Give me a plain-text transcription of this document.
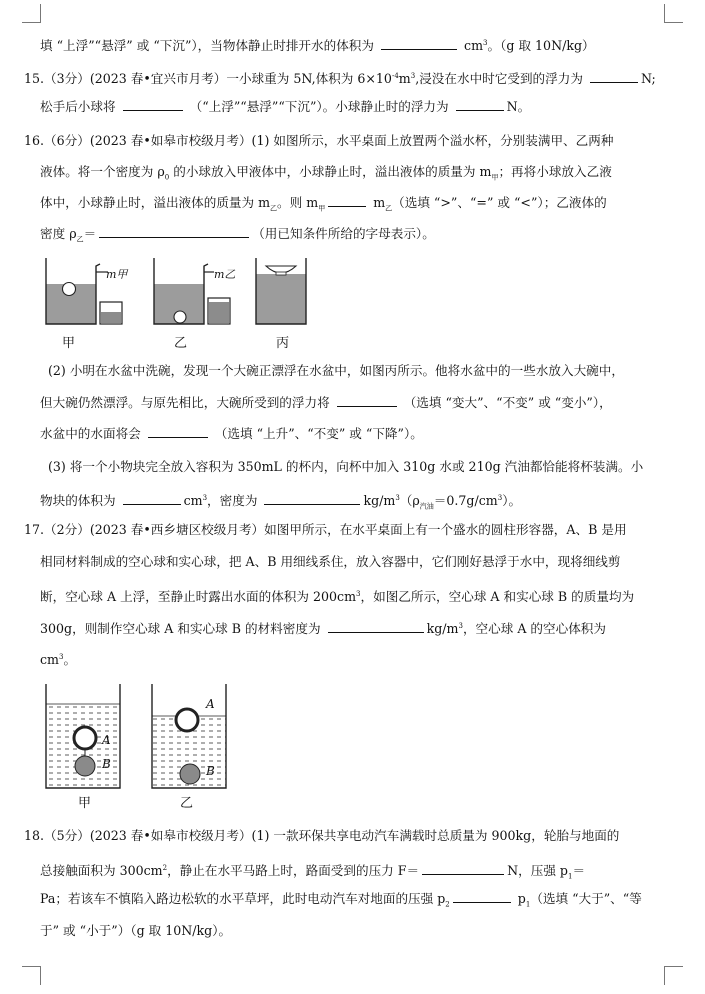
填 “上浮”“悬浮” 或 “下沉”），当物体静止时排开水的体积为	$cm^3$。（g 取 10N/kg）
15.（3分）(2023 春•宜兴市月考）一小球重为 5N,体积为 $6\times 10^{-4}m^3$,浸没在水中时它受到的浮力为	N;
松手后小球将	（“上浮”“悬浮”“下沉”）。小球静止时的浮力为	N。
16.（6分）(2023 春•如皋市校级月考）(1) 如图所示，水平桌面上放置两个溢水杯，分别装满甲、乙两种
液体。将一个密度为 $\rho_0$ 的小球放入甲液体中，小球静止时，溢出液体的质量为 $m_甲$；再将小球放入乙液
体中，小球静止时，溢出液体的质量为 $m_乙$。则 $m_甲$	$m_乙$（选填 “>”、“=” 或 “<”）；乙液体的
密度 $\rho_乙=$	（用已知条件所给的字母表示）。
m甲	m乙
甲	乙	丙
(2) 小明在水盆中洗碗，发现一个大碗正漂浮在水盆中，如图丙所示。他将水盆中的一些水放入大碗中，
但大碗仍然漂浮。与原先相比，大碗所受到的浮力将	（选填 “变大”、“不变” 或 “变小”），
水盆中的水面将会	（选填 “上升”、“不变” 或 “下降”）。
(3) 将一个小物块完全放入容积为 350mL 的杯内，向杯中加入 310g 水或 210g 汽油都恰能将杯装满。小
物块的体积为	$cm^3$，密度为	$kg/m^3(\rho_{汽油}=0.7g/cm^3)$。
17.（2分）(2023 春•西乡塘区校级月考）如图甲所示，在水平桌面上有一个盛水的圆柱形容器，A、B 是用
相同材料制成的空心球和实心球，把 A、B 用细线系住，放入容器中，它们刚好悬浮于水中，现将细线剪
断，空心球 A 上浮，至静止时露出水面的体积为 $200cm^3$，如图乙所示，空心球 A 和实心球 B 的质量均为
300g，则制作空心球 A 和实心球 B 的材料密度为	$kg/m^3$，空心球 A 的空心体积为
$cm^3$。
A
B
A
B
甲	乙
18.（5分）(2023 春•如皋市校级月考）(1) 一款环保共享电动汽车满载时总质量为 900kg，轮胎与地面的
总接触面积为 $300cm^2$，静止在水平马路上时，路面受到的压力 F＝	N，压强 $p_1=$
Pa；若该车不慎陷入路边松软的水平草坪，此时电动汽车对地面的压强 $p_2$	$p_1$（选填 “大于”、“等
于” 或 “小于”）（g 取 10N/kg）。
